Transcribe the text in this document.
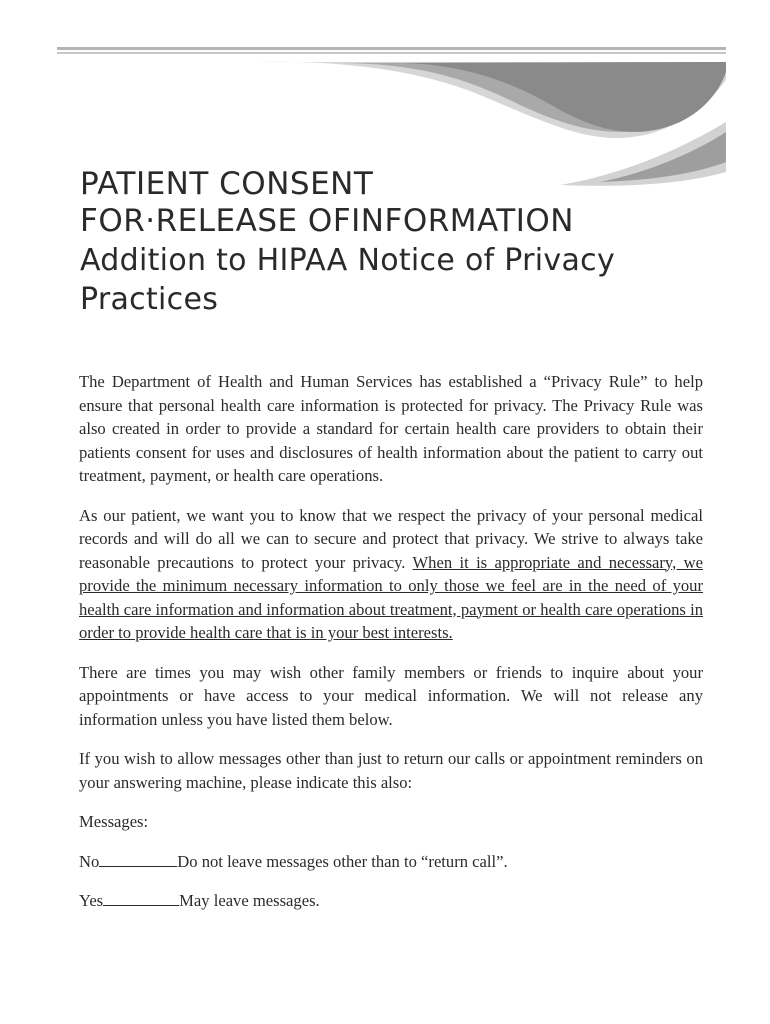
PATIENT CONSENT
FOR·RELEASE OFINFORMATION
Addition to HIPAA Notice of Privacy Practices

The Department of Health and Human Services has established a “Privacy Rule” to help ensure that personal health care information is protected for privacy. The Privacy Rule was also created in order to provide a standard for certain health care providers to obtain their patients consent for uses and disclosures of health information about the patient to carry out treatment, payment, or health care operations.

As our patient, we want you to know that we respect the privacy of your personal medical records and will do all we can to secure and protect that privacy. We strive to always take reasonable precautions to protect your privacy. When it is appropriate and necessary, we provide the minimum necessary information to only those we feel are in the need of your health care information and information about treatment, payment or health care operations in order to provide health care that is in your best interests.

There are times you may wish other family members or friends to inquire about your appointments or have access to your medical information. We will not release any information unless you have listed them below.

If you wish to allow messages other than just to return our calls or appointment reminders on your answering machine, please indicate this also:

Messages:

No	Do not leave messages other than to “return call”.

Yes	May leave messages.
